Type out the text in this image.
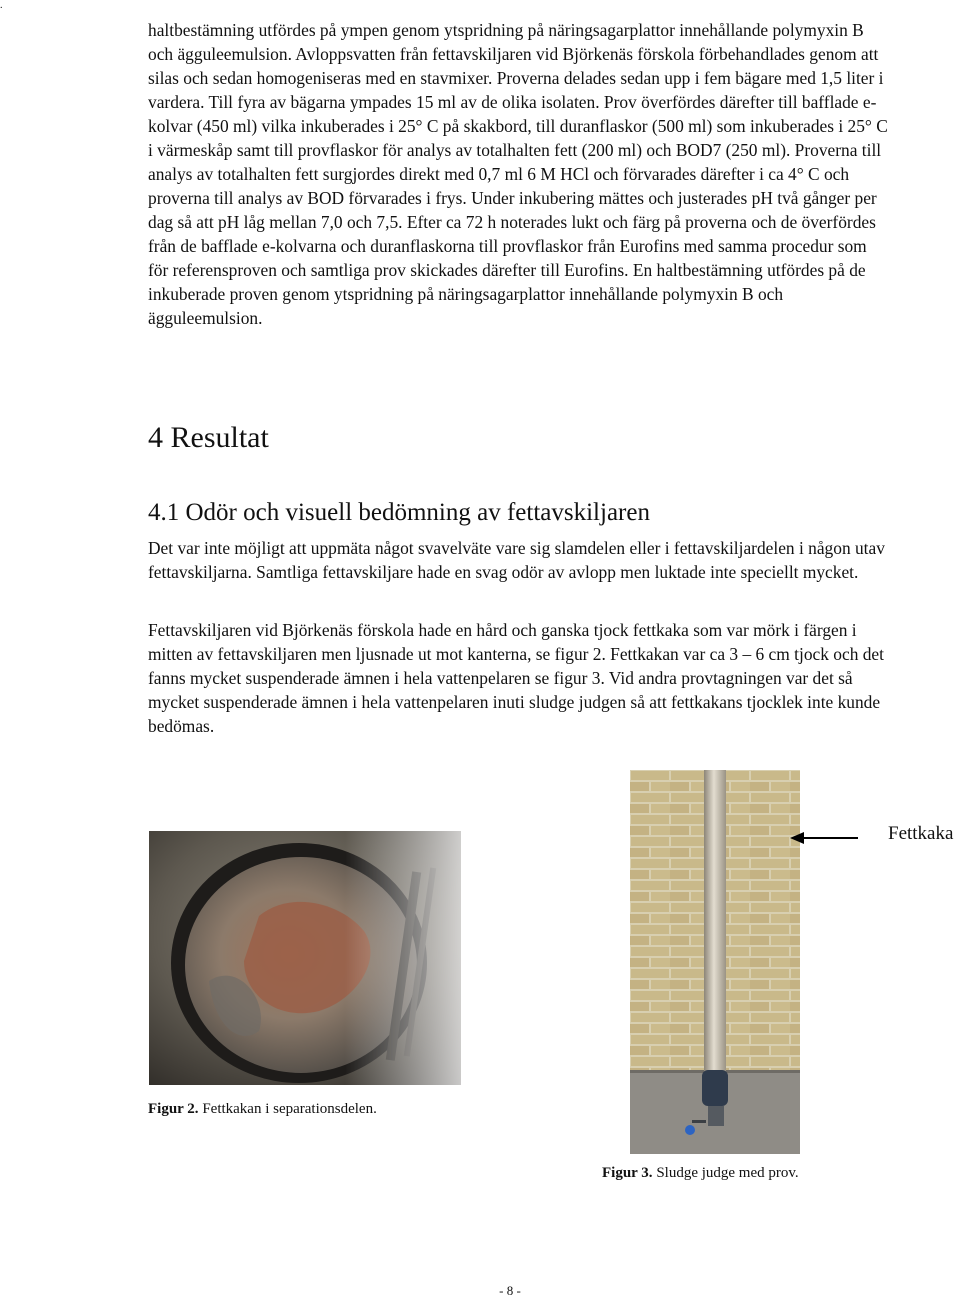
.

haltbestämning utfördes på ympen genom ytspridning på näringsagarplattor innehållande polymyxin B och ägguleemulsion. Avloppsvatten från fettavskiljaren vid Björkenäs förskola förbehandlades genom att silas och sedan homogeniseras med en stavmixer. Proverna delades sedan upp i fem bägare med 1,5 liter i vardera. Till fyra av bägarna ympades 15 ml av de olika isolaten. Prov överfördes därefter till bafflade e-kolvar (450 ml) vilka inkuberades i 25° C på skakbord, till duranflaskor (500 ml) som inkuberades i 25° C i värmeskåp samt till provflaskor för analys av totalhalten fett (200 ml) och BOD7 (250 ml). Proverna till analys av totalhalten fett surgjordes direkt med 0,7 ml 6 M HCl och förvarades därefter i ca 4° C och proverna till analys av BOD förvarades i frys. Under inkubering mättes och justerades pH två gånger per dag så att pH låg mellan 7,0 och 7,5. Efter ca 72 h noterades lukt och färg på proverna och de överfördes från de bafflade e-kolvarna och duranflaskorna till provflaskor från Eurofins med samma procedur som för referensproven och samtliga prov skickades därefter till Eurofins. En haltbestämning utfördes på de inkuberade proven genom ytspridning på näringsagarplattor innehållande polymyxin B och ägguleemulsion.

4 Resultat
4.1 Odör och visuell bedömning av fettavskiljaren

Det var inte möjligt att uppmäta något svavelväte vare sig slamdelen eller i fettavskiljardelen i någon utav fettavskiljarna. Samtliga fettavskiljare hade en svag odör av avlopp men luktade inte speciellt mycket.

Fettavskiljaren vid Björkenäs förskola hade en hård och ganska tjock fettkaka som var mörk i färgen i mitten av fettavskiljaren men ljusnade ut mot kanterna, se figur 2. Fettkakan var ca 3 – 6 cm tjock och det fanns mycket suspenderade ämnen i hela vattenpelaren se figur 3. Vid andra provtagningen var det så mycket suspenderade ämnen i hela vattenpelaren inuti sludge judgen så att fettkakans tjocklek inte kunde bedömas.

Figur 2. Fettkakan i separationsdelen.

Fettkaka

Figur 3. Sludge judge med prov.

- 8 -
